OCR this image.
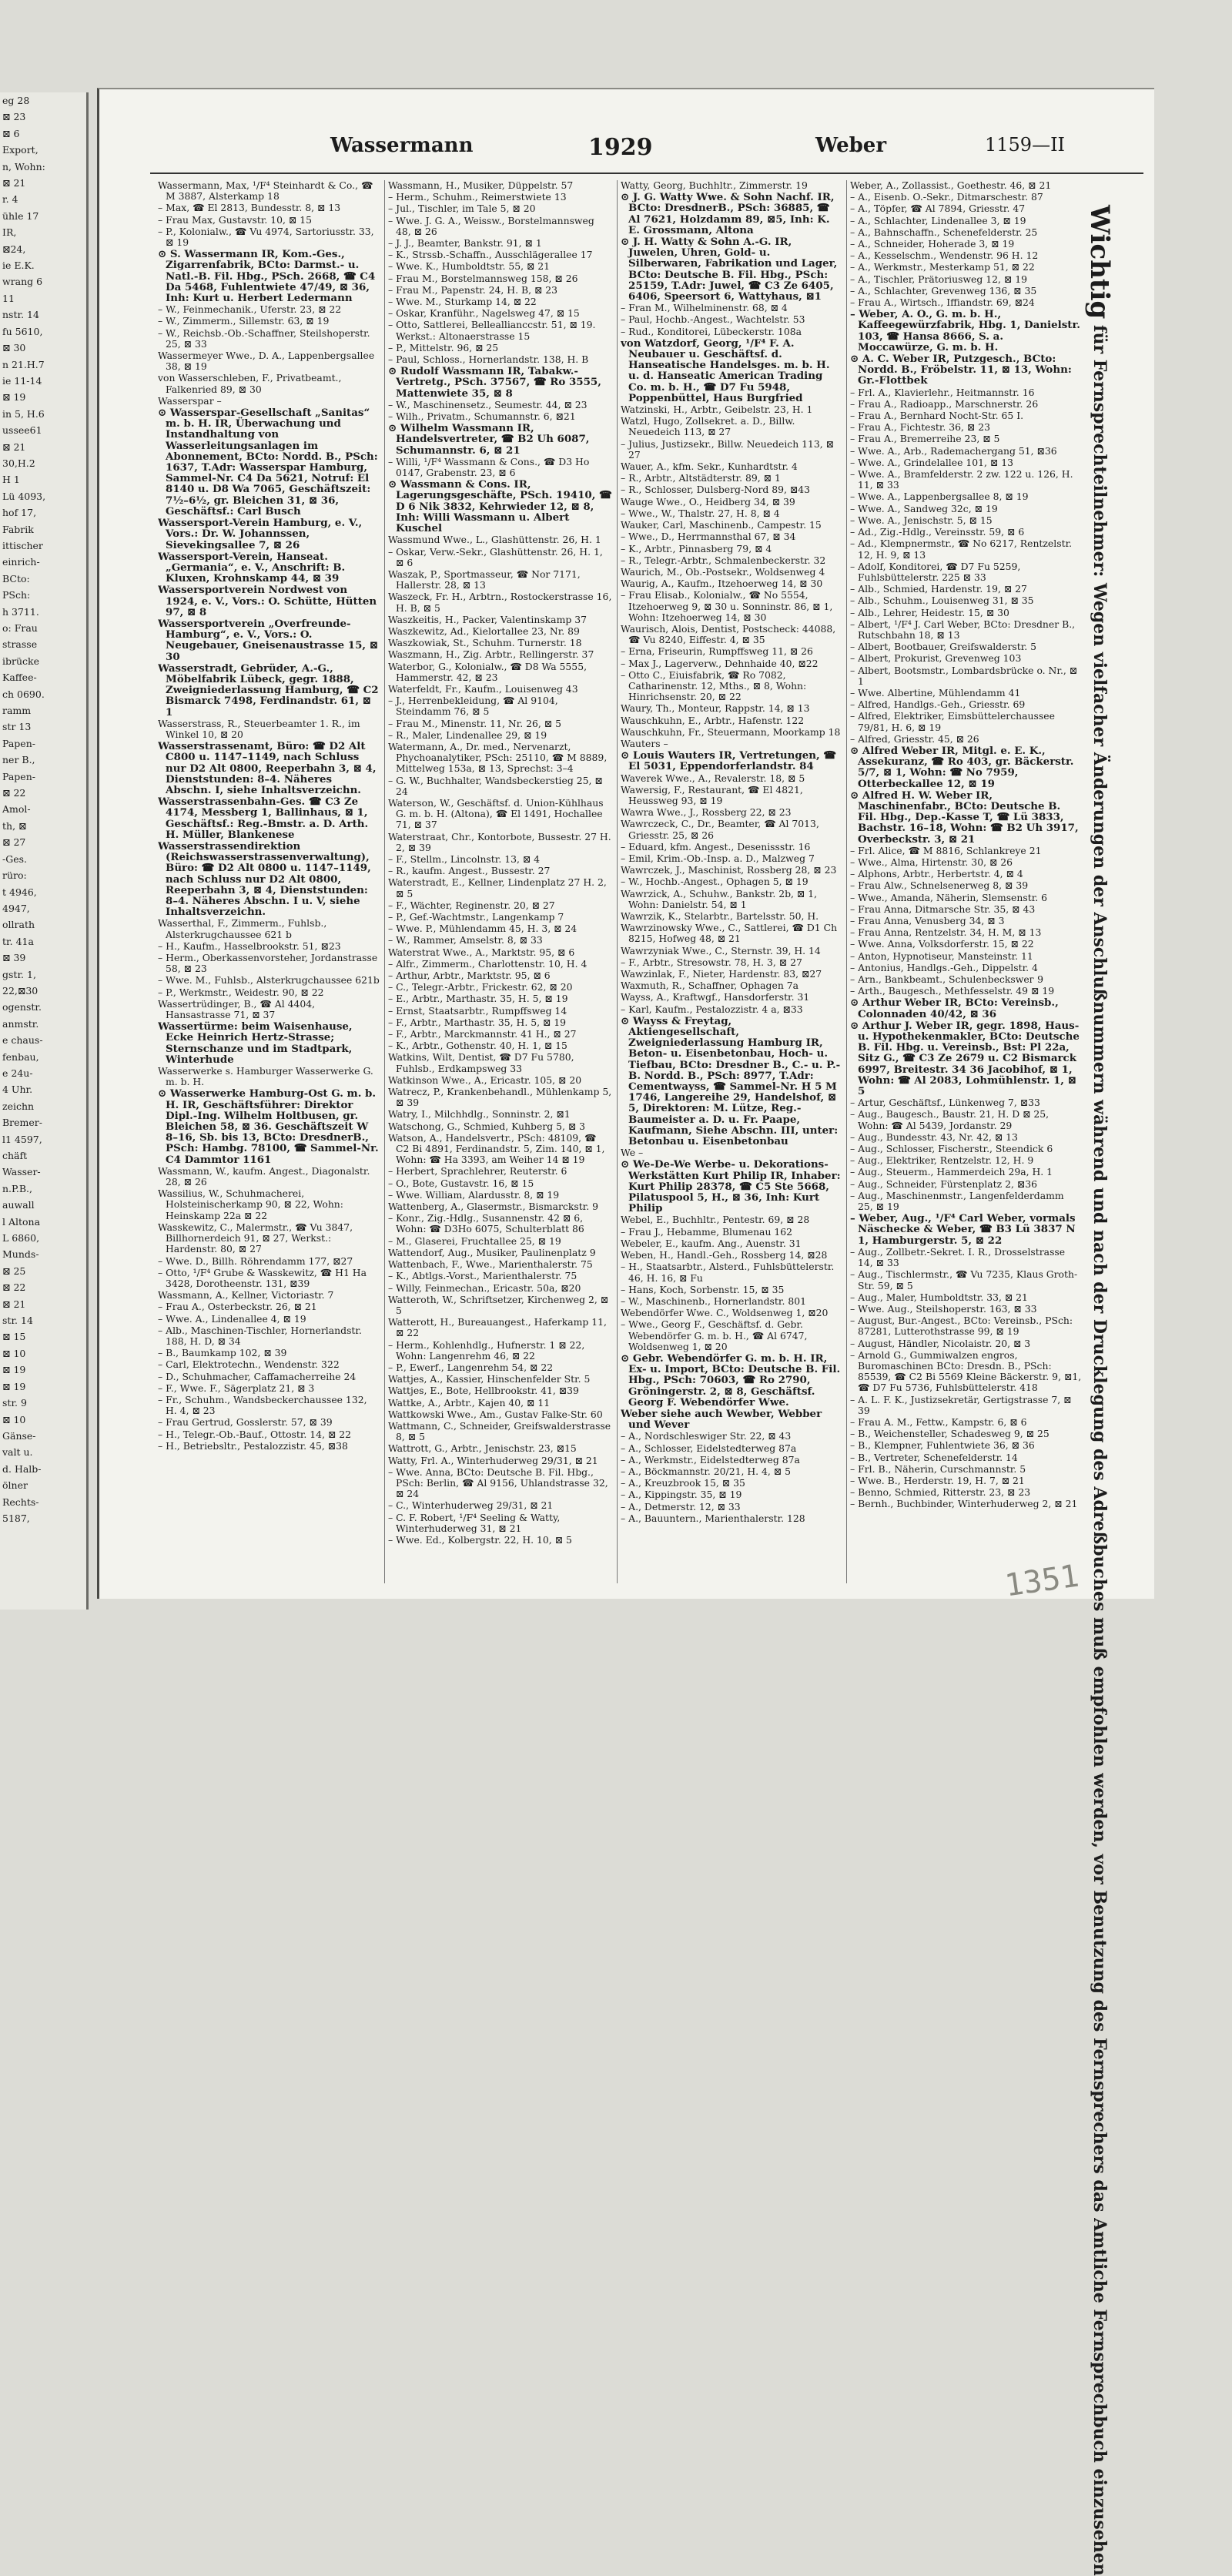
eg 28
⊠ 23
⊠ 6
Export,
n, Wohn:
⊠ 21
r. 4
ühle 17
IR,
⊠24,
ie E.K.
wrang 6
11
nstr. 14
fu 5610,
⊠ 30
n 21.H.7
ie 11-14
⊠ 19
in 5, H.6
ussee61
⊠ 21
30,H.2
H 1
Lü 4093,
hof 17,
Fabrik
ittischer
einrich-
BCto:
PSch:
h 3711.
o: Frau
strasse
ibrücke
Kaffee-
ch 0690.
ramm
str 13
Papen-
ner B.,
Papen-
⊠ 22
Amol-
th, ⊠
⊠ 27
-Ges.
rüro:
t 4946,
4947,
ollrath
tr. 41a
⊠ 39
gstr. 1,
22,⊠30
ogenstr.
anmstr.
e chaus-
fenbau,
e 24u-
4 Uhr.
zeichn
Bremer-
l1 4597,
chäft
Wasser-
n.P.B.,
auwall
l Altona
L 6860,
Munds-
⊠ 25
⊠ 22
⊠ 21
str. 14
⊠ 15
⊠ 10
⊠ 19
⊠ 19
str. 9
⊠ 10
Gänse-
valt u.
d. Halb-
ölner
Rechts-
5187,
Wassermann	1929	Weber	1159—II
Wassermann, Max, ¹/F⁴ Steinhardt & Co., ☎ M 3887, Alsterkamp 18
– Max, ☎ El 2813, Bundesstr. 8, ⊠ 13
– Frau Max, Gustavstr. 10, ⊠ 15
– P., Kolonialw., ☎ Vu 4974, Sartoriusstr. 33, ⊠ 19
⊙ S. Wassermann IR, Kom.-Ges., Zigarrenfabrik, BCto: Darmst.- u. Natl.-B. Fil. Hbg., PSch. 2668, ☎ C4 Da 5468, Fuhlentwiete 47/49, ⊠ 36, Inh: Kurt u. Herbert Ledermann
– W., Feinmechanik., Uferstr. 23, ⊠ 22
– W., Zimmerm., Sillemstr. 63, ⊠ 19
– W., Reichsb.-Ob.-Schaffner, Steilshoperstr. 25, ⊠ 33
Wassermeyer Wwe., D. A., Lappenbergsallee 38, ⊠ 19
von Wasserschleben, F., Privatbeamt., Falkenried 89, ⊠ 30
Wasserspar –
⊙ Wasserspar-Gesellschaft „Sanitas“ m. b. H. IR, Überwachung und Instandhaltung von Wasserleitungsanlagen im Abonnement, BCto: Nordd. B., PSch: 1637, T.Adr: Wasserspar Hamburg, Sammel-Nr. C4 Da 5621, Notruf: El 8140 u. D8 Wa 7065, Geschäftszeit: 7½–6½, gr. Bleichen 31, ⊠ 36, Geschäftsf.: Carl Busch
Wassersport-Verein Hamburg, e. V., Vors.: Dr. W. Johannssen, Sievekingsallee 7, ⊠ 26
Wassersport-Verein, Hanseat. „Germania“, e. V., Anschrift: B. Kluxen, Krohnskamp 44, ⊠ 39
Wassersportverein Nordwest von 1924, e. V., Vors.: O. Schütte, Hütten 97, ⊠ 8
Wassersportverein „Overfreunde-Hamburg“, e. V., Vors.: O. Neugebauer, Gneisenaustrasse 15, ⊠ 30
Wasserstradt, Gebrüder, A.-G., Möbelfabrik Lübeck, gegr. 1888, Zweigniederlassung Hamburg, ☎ C2 Bismarck 7498, Ferdinandstr. 61, ⊠ 1
Wasserstrass, R., Steuerbeamter 1. R., im Winkel 10, ⊠ 20
Wasserstrassenamt, Büro: ☎ D2 Alt C800 u. 1147–1149, nach Schluss nur D2 Alt 0800, Reeperbahn 3, ⊠ 4, Dienststunden: 8–4. Näheres Abschn. I, siehe Inhaltsverzeichn.
Wasserstrassenbahn-Ges. ☎ C3 Ze 4174, Messberg 1, Ballinhaus, ⊠ 1, Geschäftsf.: Reg.-Bmstr. a. D. Arth. H. Müller, Blankenese
Wasserstrassendirektion (Reichswasserstrassenverwaltung), Büro: ☎ D2 Alt 0800 u. 1147–1149, nach Schluss nur D2 Alt 0800, Reeperbahn 3, ⊠ 4, Dienststunden: 8–4. Näheres Abschn. I u. V, siehe Inhaltsverzeichn.
Wasserthal, F., Zimmerm., Fuhlsb., Alsterkrugchaussee 621 b
– H., Kaufm., Hasselbrookstr. 51, ⊠23
– Herm., Oberkassenvorsteher, Jordanstrasse 58, ⊠ 23
– Wwe. M., Fuhlsb., Alsterkrugchaussee 621b
– P., Werkmstr., Weidestr. 90, ⊠ 22
Wassertrüdinger, B., ☎ Al 4404, Hansastrasse 71, ⊠ 37
Wassertürme: beim Waisenhause, Ecke Heinrich Hertz-Strasse; Sternschanze und im Stadtpark, Winterhude
Wasserwerke s. Hamburger Wasserwerke G. m. b. H.
⊙ Wasserwerke Hamburg-Ost G. m. b. H. IR, Geschäftsführer: Direktor Dipl.-Ing. Wilhelm Holtbusen, gr. Bleichen 58, ⊠ 36. Geschäftszeit W 8–16, Sb. bis 13, BCto: DresdnerB., PSch: Hambg. 78100, ☎ Sammel-Nr. C4 Dammtor 1161
Wassmann, W., kaufm. Angest., Diagonalstr. 28, ⊠ 26
Wassilius, W., Schuhmacherei, Holsteinischerkamp 90, ⊠ 22, Wohn: Heinskamp 22a ⊠ 22
Wasskewitz, C., Malermstr., ☎ Vu 3847, Billhornerdeich 91, ⊠ 27, Werkst.: Hardenstr. 80, ⊠ 27
– Wwe. D., Billh. Röhrendamm 177, ⊠27
– Otto, ¹/F⁴ Grube & Wasskewitz, ☎ H1 Ha 3428, Dorotheenstr. 131, ⊠39
Wassmann, A., Kellner, Victoriastr. 7
– Frau A., Osterbeckstr. 26, ⊠ 21
– Wwe. A., Lindenallee 4, ⊠ 19
– Alb., Maschinen-Tischler, Hornerlandstr. 188, H. D, ⊠ 34
– B., Baumkamp 102, ⊠ 39
– Carl, Elektrotechn., Wendenstr. 322
– D., Schuhmacher, Caffamacherreihe 24
– F., Wwe. F., Sägerplatz 21, ⊠ 3
– Fr., Schuhm., Wandsbeckerchaussee 132, H. 4, ⊠ 23
– Frau Gertrud, Gosslerstr. 57, ⊠ 39
– H., Telegr.-Ob.-Bauf., Ottostr. 14, ⊠ 22
– H., Betriebsltr., Pestalozzistr. 45, ⊠38
Wassmann, H., Musiker, Düppelstr. 57
– Herm., Schuhm., Reimerstwiete 13
– Jul., Tischler, im Tale 5, ⊠ 20
– Wwe. J. G. A., Weissw., Borstelmannsweg 48, ⊠ 26
– J. J., Beamter, Bankstr. 91, ⊠ 1
– K., Strssb.-Schaffn., Ausschlägerallee 17
– Wwe. K., Humboldtstr. 55, ⊠ 21
– Frau M., Borstelmannsweg 158, ⊠ 26
– Frau M., Papenstr. 24, H. B, ⊠ 23
– Wwe. M., Sturkamp 14, ⊠ 22
– Oskar, Kranführ., Nagelsweg 47, ⊠ 15
– Otto, Sattlerei, Belleallianccstr. 51, ⊠ 19. Werkst.: Altonaerstrasse 15
– P., Mittelstr. 96, ⊠ 25
– Paul, Schloss., Hornerlandstr. 138, H. B
⊙ Rudolf Wassmann IR, Tabakw.-Vertretg., PSch. 37567, ☎ Ro 3555, Mattenwiete 35, ⊠ 8
– W., Maschinensetz., Seumestr. 44, ⊠ 23
– Wilh., Privatm., Schumannstr. 6, ⊠21
⊙ Wilhelm Wassmann IR, Handelsvertreter, ☎ B2 Uh 6087, Schumannstr. 6, ⊠ 21
– Willi, ¹/F⁴ Wassmann & Cons., ☎ D3 Ho 0147, Grabenstr. 23, ⊠ 6
⊙ Wassmann & Cons. IR, Lagerungsgeschäfte, PSch. 19410, ☎ D 6 Nik 3832, Kehrwieder 12, ⊠ 8, Inh: Willi Wassmann u. Albert Kuschel
Wassmund Wwe., L., Glashüttenstr. 26, H. 1
– Oskar, Verw.-Sekr., Glashüttenstr. 26, H. 1, ⊠ 6
Waszak, P., Sportmasseur, ☎ Nor 7171, Hallerstr. 28, ⊠ 13
Waszeck, Fr. H., Arbtrn., Rostockerstrasse 16, H. B, ⊠ 5
Waszkeitis, H., Packer, Valentinskamp 37
Waszkewitz, Ad., Kielortallee 23, Nr. 89
Waszkowiak, St., Schuhm. Turnerstr. 18
Waszmann, H., Zig. Arbtr., Rellingerstr. 37
Waterbor, G., Kolonialw., ☎ D8 Wa 5555, Hammerstr. 42, ⊠ 23
Waterfeldt, Fr., Kaufm., Louisenweg 43
– J., Herrenbekleidung, ☎ Al 9104, Steindamm 76, ⊠ 5
– Frau M., Minenstr. 11, Nr. 26, ⊠ 5
– R., Maler, Lindenallee 29, ⊠ 19
Watermann, A., Dr. med., Nervenarzt, Phychoanalytiker, PSch: 25110, ☎ M 8889, Mittelweg 153a, ⊠ 13, Sprechst: 3–4
– G. W., Buchhalter, Wandsbeckerstieg 25, ⊠ 24
Waterson, W., Geschäftsf. d. Union-Kühlhaus G. m. b. H. (Altona), ☎ El 1491, Hochallee 71, ⊠ 37
Waterstraat, Chr., Kontorbote, Bussestr. 27 H. 2, ⊠ 39
– F., Stellm., Lincolnstr. 13, ⊠ 4
– R., kaufm. Angest., Bussestr. 27
Waterstradt, E., Kellner, Lindenplatz 27 H. 2, ⊠ 5
– F., Wächter, Reginenstr. 20, ⊠ 27
– P., Gef.-Wachtmstr., Langenkamp 7
– Wwe. P., Mühlendamm 45, H. 3, ⊠ 24
– W., Rammer, Amselstr. 8, ⊠ 33
Waterstrat Wwe., A., Marktstr. 95, ⊠ 6
– Alfr., Zimmerm., Charlottenstr. 10, H. 4
– Arthur, Arbtr., Marktstr. 95, ⊠ 6
– C., Telegr.-Arbtr., Frickestr. 62, ⊠ 20
– E., Arbtr., Marthastr. 35, H. 5, ⊠ 19
– Ernst, Staatsarbtr., Rumpffsweg 14
– F., Arbtr., Marthastr. 35, H. 5, ⊠ 19
– F., Arbtr., Marckmannstr. 41 H., ⊠ 27
– K., Arbtr., Gothenstr. 40, H. 1, ⊠ 15
Watkins, Wilt, Dentist, ☎ D7 Fu 5780, Fuhlsb., Erdkampsweg 33
Watkinson Wwe., A., Ericastr. 105, ⊠ 20
Watrecz, P., Krankenbehandl., Mühlenkamp 5, ⊠ 39
Watry, I., Milchhdlg., Sonninstr. 2, ⊠1
Watschong, G., Schmied, Kuhberg 5, ⊠ 3
Watson, A., Handelsvertr., PSch: 48109, ☎ C2 Bi 4891, Ferdinandstr. 5, Zim. 140, ⊠ 1, Wohn: ☎ Ha 3393, am Weiher 14 ⊠ 19
– Herbert, Sprachlehrer, Reuterstr. 6
– O., Bote, Gustavstr. 16, ⊠ 15
– Wwe. William, Alardusstr. 8, ⊠ 19
Wattenberg, A., Glasermstr., Bismarckstr. 9
– Konr., Zig.-Hdlg., Susannenstr. 42 ⊠ 6, Wohn: ☎ D3Ho 6075, Schulterblatt 86
– M., Glaserei, Fruchtallee 25, ⊠ 19
Wattendorf, Aug., Musiker, Paulinenplatz 9
Wattenbach, F., Wwe., Marienthalerstr. 75
– K., Abtlgs.-Vorst., Marienthalerstr. 75
– Willy, Feinmechan., Ericastr. 50a, ⊠20
Watteroth, W., Schriftsetzer, Kirchenweg 2, ⊠ 5
Watterott, H., Bureauangest., Haferkamp 11, ⊠ 22
– Herm., Kohlenhdlg., Hufnerstr. 1 ⊠ 22, Wohn: Langenrehm 46, ⊠ 22
– P., Ewerf., Langenrehm 54, ⊠ 22
Wattjes, A., Kassier, Hinschenfelder Str. 5
Wattjes, E., Bote, Hellbrookstr. 41, ⊠39
Wattke, A., Arbtr., Kajen 40, ⊠ 11
Wattkowski Wwe., Am., Gustav Falke-Str. 60
Wattmann, C., Schneider, Greifswalderstrasse 8, ⊠ 5
Wattrott, G., Arbtr., Jenischstr. 23, ⊠15
Watty, Frl. A., Winterhuderweg 29/31, ⊠ 21
– Wwe. Anna, BCto: Deutsche B. Fil. Hbg., PSch: Berlin, ☎ Al 9156, Uhlandstrasse 32, ⊠ 24
– C., Winterhuderweg 29/31, ⊠ 21
– C. F. Robert, ¹/F⁴ Seeling & Watty, Winterhuderweg 31, ⊠ 21
– Wwe. Ed., Kolbergstr. 22, H. 10, ⊠ 5
Watty, Georg, Buchhltr., Zimmerstr. 19
⊙ J. G. Watty Wwe. & Sohn Nachf. IR, BCto: DresdnerB., PSch: 36885, ☎ Al 7621, Holzdamm 89, ⊠5, Inh: K. E. Grossmann, Altona
⊙ J. H. Watty & Sohn A.-G. IR, Juwelen, Uhren, Gold- u. Silberwaren, Fabrikation und Lager, BCto: Deutsche B. Fil. Hbg., PSch: 25159, T.Adr: Juwel, ☎ C3 Ze 6405, 6406, Speersort 6, Wattyhaus, ⊠1
– Fran M., Wilhelminenstr. 68, ⊠ 4
– Paul, Hochb.-Angest., Wachtelstr. 53
– Rud., Konditorei, Lübeckerstr. 108a
von Watzdorf, Georg, ¹/F⁴ F. A. Neubauer u. Geschäftsf. d. Hanseatische Handelsges. m. b. H. u. d. Hanseatic American Trading Co. m. b. H., ☎ D7 Fu 5948, Poppenbüttel, Haus Burgfried
Watzinski, H., Arbtr., Geibelstr. 23, H. 1
Watzl, Hugo, Zollsekret. a. D., Billw. Neuedeich 113, ⊠ 27
– Julius, Justizsekr., Billw. Neuedeich 113, ⊠ 27
Wauer, A., kfm. Sekr., Kunhardtstr. 4
– R., Arbtr., Altstädterstr. 89, ⊠ 1
– R., Schlosser, Dulsberg-Nord 89, ⊠43
Wauge Wwe., O., Heidberg 34, ⊠ 39
– Wwe., W., Thalstr. 27, H. 8, ⊠ 4
Wauker, Carl, Maschinenb., Campestr. 15
– Wwe., D., Herrmannsthal 67, ⊠ 34
– K., Arbtr., Pinnasberg 79, ⊠ 4
– R., Telegr.-Arbtr., Schmalenbeckerstr. 32
Waurich, M., Ob.-Postsekr., Woldsenweg 4
Waurig, A., Kaufm., Itzehoerweg 14, ⊠ 30
– Frau Elisab., Kolonialw., ☎ No 5554, Itzehoerweg 9, ⊠ 30 u. Sonninstr. 86, ⊠ 1, Wohn: Itzehoerweg 14, ⊠ 30
Waurisch, Alois, Dentist, Postscheck: 44088, ☎ Vu 8240, Eiffestr. 4, ⊠ 35
– Erna, Friseurin, Rumpffsweg 11, ⊠ 26
– Max J., Lagerverw., Dehnhaide 40, ⊠22
– Otto C., Eiuisfabrik, ☎ Ro 7082, Catharinenstr. 12, Mths., ⊠ 8, Wohn: Hinrichsenstr. 20, ⊠ 22
Waury, Th., Monteur, Rappstr. 14, ⊠ 13
Wauschkuhn, E., Arbtr., Hafenstr. 122
Wauschkuhn, Fr., Steuermann, Moorkamp 18
Wauters –
⊙ Louis Wauters IR, Vertretungen, ☎ El 5031, Eppendorferlandstr. 84
Waverek Wwe., A., Revalerstr. 18, ⊠ 5
Wawersig, F., Restaurant, ☎ El 4821, Heussweg 93, ⊠ 19
Wawra Wwe., J., Rossberg 22, ⊠ 23
Wawrczeck, C., Dr., Beamter, ☎ Al 7013, Griesstr. 25, ⊠ 26
– Eduard, kfm. Angest., Desenissstr. 16
– Emil, Krim.-Ob.-Insp. a. D., Malzweg 7
Wawrczek, J., Maschinist, Rossberg 28, ⊠ 23
– W., Hochb.-Angest., Ophagen 5, ⊠ 19
Wawrzick, A., Schuhw., Bankstr. 2b, ⊠ 1, Wohn: Danielstr. 54, ⊠ 1
Wawrzik, K., Stelarbtr., Bartelsstr. 50, H.
Wawrzinowsky Wwe., C., Sattlerei, ☎ D1 Ch 8215, Hofweg 48, ⊠ 21
Wawrzyniak Wwe., C., Sternstr. 39, H. 14
– F., Arbtr., Stresowstr. 78, H. 3, ⊠ 27
Wawzinlak, F., Nieter, Hardenstr. 83, ⊠27
Waxmuth, R., Schaffner, Ophagen 7a
Wayss, A., Kraftwgf., Hansdorferstr. 31
– Karl, Kaufm., Pestalozzistr. 4 a, ⊠33
⊙ Wayss & Freytag, Aktiengesellschaft, Zweigniederlassung Hamburg IR, Beton- u. Eisenbetonbau, Hoch- u. Tiefbau, BCto: Dresdner B., C.- u. P.-B. Nordd. B., PSch: 8977, T.Adr: Cementwayss, ☎ Sammel-Nr. H 5 M 1746, Langereihe 29, Handelshof, ⊠ 5, Direktoren: M. Lütze, Reg.-Baumeister a. D. u. Fr. Paape, Kaufmann, Siehe Abschn. III, unter: Betonbau u. Eisenbetonbau
We –
⊙ We-De-We Werbe- u. Dekorations-Werkstätten Kurt Philip IR, Inhaber: Kurt Philip 28378, ☎ C5 Ste 5668, Pilatuspool 5, H., ⊠ 36, Inh: Kurt Philip
Webel, E., Buchhltr., Pentestr. 69, ⊠ 28
– Frau J., Hebamme, Blumenau 162
Webeler, E., kaufm. Ang., Auenstr. 31
Weben, H., Handl.-Geh., Rossberg 14, ⊠28
– H., Staatsarbtr., Alsterd., Fuhlsbüttelerstr. 46, H. 16, ⊠ Fu
– Hans, Koch, Sorbenstr. 15, ⊠ 35
– W., Maschinenb., Hornerlandstr. 801
Webendörfer Wwe. C., Woldsenweg 1, ⊠20
– Wwe., Georg F., Geschäftsf. d. Gebr. Webendörfer G. m. b. H., ☎ Al 6747, Woldsenweg 1, ⊠ 20
⊙ Gebr. Webendörfer G. m. b. H. IR, Ex- u. Import, BCto: Deutsche B. Fil. Hbg., PSch: 70603, ☎ Ro 2790, Gröningerstr. 2, ⊠ 8, Geschäftsf. Georg F. Webendörfer Wwe.
Weber siehe auch Wewber, Webber und Wever
– A., Nordschleswiger Str. 22, ⊠ 43
– A., Schlosser, Eidelstedterweg 87a
– A., Werkmstr., Eidelstedterweg 87a
– A., Böckmannstr. 20/21, H. 4, ⊠ 5
– A., Kreuzbrook 15, ⊠ 35
– A., Kippingstr. 35, ⊠ 19
– A., Detmerstr. 12, ⊠ 33
– A., Bauuntern., Marienthalerstr. 128
Weber, A., Zollassist., Goethestr. 46, ⊠ 21
– A., Eisenb. O.-Sekr., Ditmarschestr. 87
– A., Töpfer, ☎ Al 7894, Griesstr. 47
– A., Schlachter, Lindenallee 3, ⊠ 19
– A., Bahnschaffn., Schenefelderstr. 25
– A., Schneider, Hoherade 3, ⊠ 19
– A., Kesselschm., Wendenstr. 96 H. 12
– A., Werkmstr., Mesterkamp 51, ⊠ 22
– A., Tischler, Prätoriusweg 12, ⊠ 19
– A., Schlachter, Grevenweg 136, ⊠ 35
– Frau A., Wirtsch., Iffiandstr. 69, ⊠24
– Weber, A. O., G. m. b. H., Kaffeegewürzfabrik, Hbg. 1, Danielstr. 103, ☎ Hansa 8666, S. a. Moccawürze, G. m. b. H.
⊙ A. C. Weber IR, Putzgesch., BCto: Nordd. B., Fröbelstr. 11, ⊠ 13, Wohn: Gr.-Flottbek
– Frl. A., Klavierlehr., Heitmannstr. 16
– Frau A., Radioapp., Marschnerstr. 26
– Frau A., Bernhard Nocht-Str. 65 I.
– Frau A., Fichtestr. 36, ⊠ 23
– Frau A., Bremerreihe 23, ⊠ 5
– Wwe. A., Arb., Rademachergang 51, ⊠36
– Wwe. A., Grindelallee 101, ⊠ 13
– Wwe. A., Bramfelderstr. 2 zw. 122 u. 126, H. 11, ⊠ 33
– Wwe. A., Lappenbergsallee 8, ⊠ 19
– Wwe. A., Sandweg 32c, ⊠ 19
– Wwe. A., Jenischstr. 5, ⊠ 15
– Ad., Zig.-Hdlg., Vereinsstr. 59, ⊠ 6
– Ad., Klempnermstr., ☎ No 6217, Rentzelstr. 12, H. 9, ⊠ 13
– Adolf, Konditorei, ☎ D7 Fu 5259, Fuhlsbüttelerstr. 225 ⊠ 33
– Alb., Schmied, Hardenstr. 19, ⊠ 27
– Alb., Schuhm., Louisenweg 31, ⊠ 35
– Alb., Lehrer, Heidestr. 15, ⊠ 30
– Albert, ¹/F⁴ J. Carl Weber, BCto: Dresdner B., Rutschbahn 18, ⊠ 13
– Albert, Bootbauer, Greifswalderstr. 5
– Albert, Prokurist, Grevenweg 103
– Albert, Bootsmstr., Lombardsbrücke o. Nr., ⊠ 1
– Wwe. Albertine, Mühlendamm 41
– Alfred, Handlgs.-Geh., Griesstr. 69
– Alfred, Elektriker, Eimsbüttelerchaussee 79/81, H. 6, ⊠ 19
– Alfred, Griesstr. 45, ⊠ 26
⊙ Alfred Weber IR, Mitgl. e. E. K., Assekuranz, ☎ Ro 403, gr. Bäckerstr. 5/7, ⊠ 1, Wohn: ☎ No 7959, Otterbeckallee 12, ⊠ 19
⊙ Alfred H. W. Weber IR, Maschinenfabr., BCto: Deutsche B. Fil. Hbg., Dep.-Kasse T, ☎ Lü 3833, Bachstr. 16–18, Wohn: ☎ B2 Uh 3917, Overbeckstr. 3, ⊠ 21
– Frl. Alice, ☎ M 8816, Schlankreye 21
– Wwe., Alma, Hirtenstr. 30, ⊠ 26
– Alphons, Arbtr., Herbertstr. 4, ⊠ 4
– Frau Alw., Schnelsenerweg 8, ⊠ 39
– Wwe., Amanda, Näherin, Slemsenstr. 6
– Frau Anna, Ditmarsche Str. 35, ⊠ 43
– Frau Anna, Venusberg 34, ⊠ 3
– Frau Anna, Rentzelstr. 34, H. M, ⊠ 13
– Wwe. Anna, Volksdorferstr. 15, ⊠ 22
– Anton, Hypnotiseur, Mansteinstr. 11
– Antonius, Handlgs.-Geh., Dippelstr. 4
– Arn., Bankbeamt., Schulenbeckswег 9
– Arth., Baugesch., Methfesselstr. 49 ⊠ 19
⊙ Arthur Weber IR, BCto: Vereinsb., Colonnaden 40/42, ⊠ 36
⊙ Arthur J. Weber IR, gegr. 1898, Haus- u. Hypothekenmakler, BCto: Deutsche B. Fil. Hbg. u. Vereinsb., Bst: Pl 22a, Sitz G., ☎ C3 Ze 2679 u. C2 Bismarck 6997, Breitestr. 34 36 Jacobihof, ⊠ 1, Wohn: ☎ Al 2083, Lohmühlenstr. 1, ⊠ 5
– Artur, Geschäftsf., Lünkenweg 7, ⊠33
– Aug., Baugesch., Baustr. 21, H. D ⊠ 25, Wohn: ☎ Al 5439, Jordanstr. 29
– Aug., Bundesstr. 43, Nr. 42, ⊠ 13
– Aug., Schlosser, Fischerstr., Steendick 6
– Aug., Elektriker, Rentzelstr. 12, H. 9
– Aug., Steuerm., Hammerdeich 29a, H. 1
– Aug., Schneider, Fürstenplatz 2, ⊠36
– Aug., Maschinenmstr., Langenfelderdamm 25, ⊠ 19
– Weber, Aug., ¹/F⁴ Carl Weber, vormals Näschecke & Weber, ☎ B3 Lü 3837 N 1, Hamburgerstr. 5, ⊠ 22
– Aug., Zollbetr.-Sekret. I. R., Drosselstrasse 14, ⊠ 33
– Aug., Tischlermstr., ☎ Vu 7235, Klaus Groth-Str. 59, ⊠ 5
– Aug., Maler, Humboldtstr. 33, ⊠ 21
– Wwe. Aug., Steilshoperstr. 163, ⊠ 33
– August, Bur.-Angest., BCto: Vereinsb., PSch: 87281, Lutterothstrasse 99, ⊠ 19
– August, Händler, Nicolaistr. 20, ⊠ 3
– Arnold G., Gummiwalzen engros, Buromaschinen BCto: Dresdn. B., PSch: 85539, ☎ C2 Bi 5569 Kleine Bäckerstr. 9, ⊠1, ☎ D7 Fu 5736, Fuhlsbüttelerstr. 418
– A. L. F. K., Justizsekretär, Gertigstrasse 7, ⊠ 39
– Frau A. M., Fettw., Kampstr. 6, ⊠ 6
– B., Weichensteller, Schadesweg 9, ⊠ 25
– B., Klempner, Fuhlentwiete 36, ⊠ 36
– B., Vertreter, Schenefelderstr. 14
– Frl. B., Näherin, Curschmannstr. 5
– Wwe. B., Herderstr. 19, H. 7, ⊠ 21
– Benno, Schmied, Ritterstr. 23, ⊠ 23
– Bernh., Buchbinder, Winterhuderweg 2, ⊠ 21
Wichtig für Fernsprechteilnehmer: Wegen vielfacher Änderungen der Anschlußnummern während und nach der Drucklegung des Adreßbuches muß empfohlen werden, vor Benutzung des Fernsprechers das Amtliche Fernsprechbuch einzusehen
1351
